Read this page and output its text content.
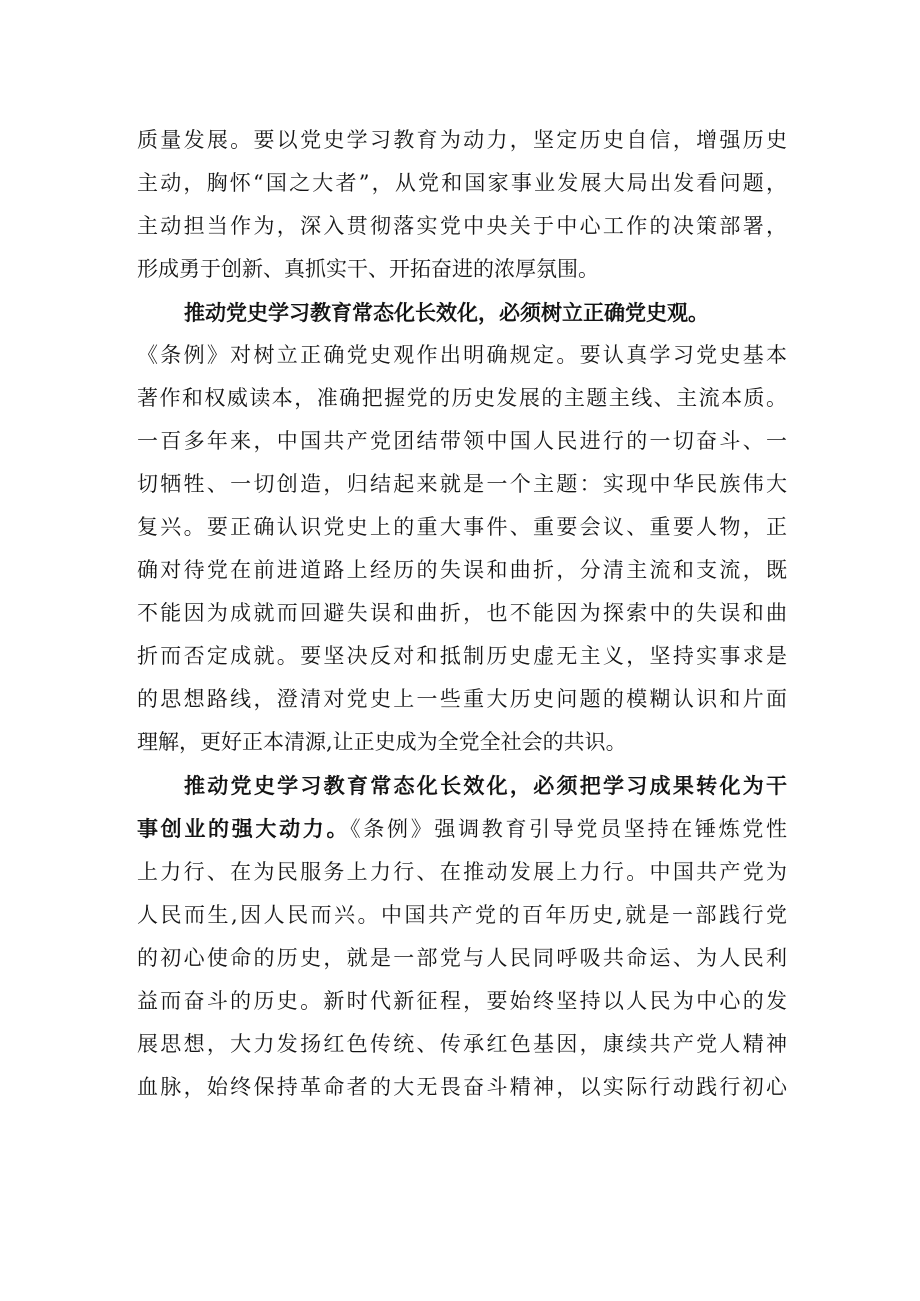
质量发展。要以党史学习教育为动力，坚定历史自信，增强历史
主动，胸怀“国之大者”，从党和国家事业发展大局出发看问题，
主动担当作为，深入贯彻落实党中央关于中心工作的决策部署，
形成勇于创新、真抓实干、开拓奋进的浓厚氛围。
推动党史学习教育常态化长效化，必须树立正确党史观。
《条例》对树立正确党史观作出明确规定。要认真学习党史基本
著作和权威读本，准确把握党的历史发展的主题主线、主流本质。
一百多年来，中国共产党团结带领中国人民进行的一切奋斗、一
切牺牲、一切创造，归结起来就是一个主题：实现中华民族伟大
复兴。要正确认识党史上的重大事件、重要会议、重要人物，正
确对待党在前进道路上经历的失误和曲折，分清主流和支流，既
不能因为成就而回避失误和曲折，也不能因为探索中的失误和曲
折而否定成就。要坚决反对和抵制历史虚无主义，坚持实事求是
的思想路线，澄清对党史上一些重大历史问题的模糊认识和片面
理解，更好正本清源,让正史成为全党全社会的共识。
推动党史学习教育常态化长效化，必须把学习成果转化为干
事创业的强大动力。《条例》强调教育引导党员坚持在锤炼党性
上力行、在为民服务上力行、在推动发展上力行。中国共产党为
人民而生,因人民而兴。中国共产党的百年历史,就是一部践行党
的初心使命的历史，就是一部党与人民同呼吸共命运、为人民利
益而奋斗的历史。新时代新征程，要始终坚持以人民为中心的发
展思想，大力发扬红色传统、传承红色基因，康续共产党人精神
血脉，始终保持革命者的大无畏奋斗精神，以实际行动践行初心
